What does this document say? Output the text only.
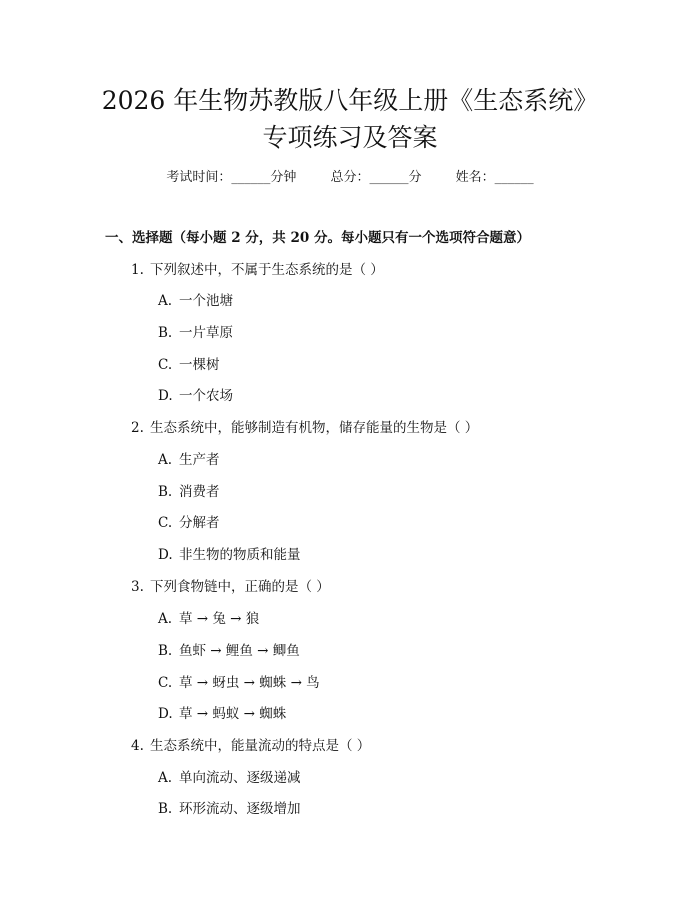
2026 年生物苏教版八年级上册《生态系统》
专项练习及答案
考试时间：______分钟	总分：______分	姓名：______
一、选择题（每小题 2 分，共 20 分。每小题只有一个选项符合题意）
1. 下列叙述中，不属于生态系统的是（ ）
A. 一个池塘
B. 一片草原
C. 一棵树
D. 一个农场
2. 生态系统中，能够制造有机物，储存能量的生物是（ ）
A. 生产者
B. 消费者
C. 分解者
D. 非生物的物质和能量
3. 下列食物链中，正确的是（ ）
A. 草 → 兔 → 狼
B. 鱼虾 → 鲤鱼 → 鲫鱼
C. 草 → 蚜虫 → 蜘蛛 → 鸟
D. 草 → 蚂蚁 → 蜘蛛
4. 生态系统中，能量流动的特点是（ ）
A. 单向流动、逐级递减
B. 环形流动、逐级增加
